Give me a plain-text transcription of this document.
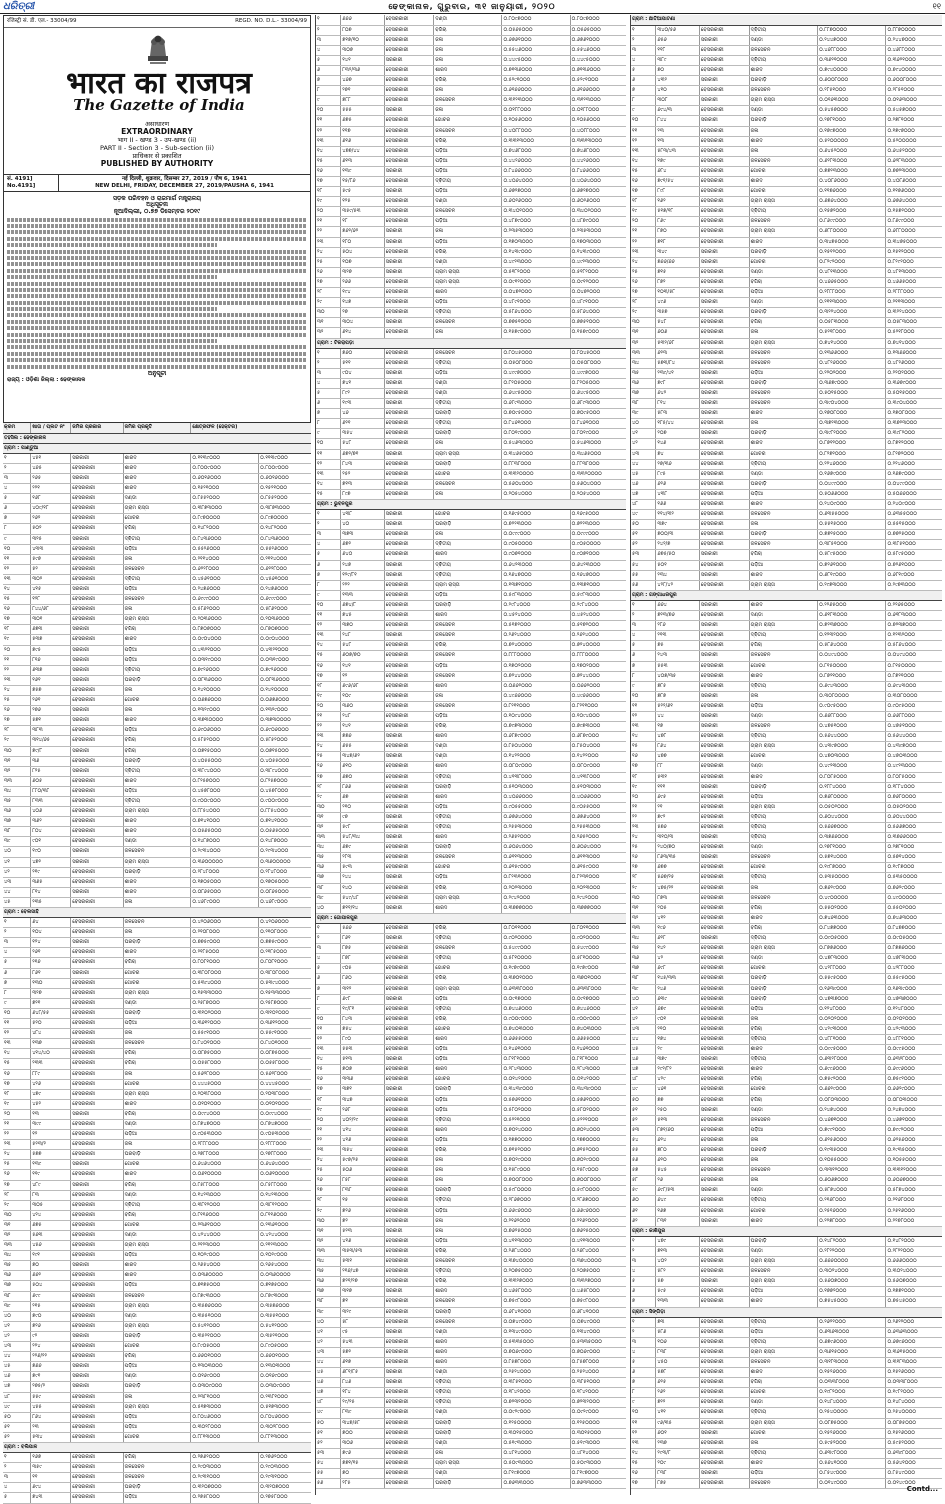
ଧରିତ୍ରୀ	ଢେଙ୍କାନାଳ, ଗୁରୁବାର, ୩୧ ଜାନୁୟାରୀ, ୨୦୨୦	୧୧
रजिस्ट्री सं. डी. एल.- 33004/99	REGD. NO. D.L.- 33004/99
भारत का राजपत्र
The Gazette of India
असाधारण
EXTRAORDINARY
भाग II - खण्ड 3 - उप-खण्ड (ii)
PART II - Section 3 - Sub-section (ii)
प्राधिकार से प्रकाशित
PUBLISHED BY AUTHORITY
सं. 4191]
No.4191]
नई दिल्ली, शुक्रवार, दिसम्बर 27, 2019 / पौष 6, 1941
NEW DELHI, FRIDAY, DECEMBER 27, 2019/PAUSHA 6, 1941
ସଡ଼କ ପରିବହନ ଓ ରାଜମାର୍ଗ ମନ୍ତ୍ରାଳୟ
ଅଧିସୂଚନା
ନୂଆଦିଲ୍ଲୀ, ୦.୭୭ ଡିସେମ୍ବର ୨୦୧୯
ଅନୁସୂଚୀ
ରାଜ୍ୟ : ଓଡ଼ିଶା ଜିଲ୍ଲା : ଢେଙ୍କାନାଳ
କ୍ରମ	ଖାତା / ପ୍ଲଟ ନଂ	ଜମିର ପ୍ରକାର	ଜମିର ପ୍ରକୃତି	କ୍ଷେତ୍ରଫଳ (ହେକ୍ଟର)	
ତହସିଲ : ଢେଙ୍କାନାଳ					
ଗ୍ରାମ : ପାଣ୍ଡୁଆ					
୧	୪୫୧	ସରକାରୀ	ଶାରଦ	୦.୧୧୩୯୦୦୦	୦.୧୧୩୯୦୦୦
୨	୪୬୫	ବେସରକାରୀ	ଶାରଦ	୦.୮୦୦୯୦୦୦	୦.୮୦୦୯୦୦୦
୩	୨୬୫	ସରକାରୀ	ଶାରଦ	୦.୬୦୧୬୦୦୦	୦.୬୦୧୬୦୦୦
୪	୨୨୧	ବେସରକାରୀ	ଶାରଦ	୦.୧୫୨୧୦୦୦	୦.୧୫୨୧୦୦୦
୫	୧୬୮	ବେସରକାରୀ	ଦଣ୍ଡା	୦.୮୫୫୨୦୦୦	୦.୮୫୫୨୦୦୦
୬	୪୦୯/୧୮	ବେସରକାରୀ	ଗ୍ରାମ ରାସ୍ତା	୦.୩୮୭୩୦୦୦	୦.୩୮୭୩୦୦୦
୭	୨୬୨	ବେସରକାରୀ	ଗୋଚର	୦.୮୯୭୦୦୦୦	୦.୮୯୭୦୦୦୦
୮	୫୦୨	ବେସରକାରୀ	ବଗିଚା	୦.୧୪୮୨୦୦୦	୦.୧୪୮୨୦୦୦
୯	୩୨୫	ସରକାରୀ	ଦ୍ଵିତୀୟ	୦.୮୪୩୬୦୦୦	୦.୮୪୩୬୦୦୦
୧୦	୪୩୩	ବେସରକାରୀ	ପଡ଼ିଆ	୦.୫୫୨୬୦୦୦	୦.୫୫୨୬୦୦୦
୧୧	୫୯୭	ବେସରକାରୀ	ଜଳା	୦.୨୧୧୪୦୦୦	୦.୨୧୧୪୦୦୦
୧୨	୫୨	ବେସରକାରୀ	ଜଳସେଚନ	୦.୬୨୨୮୦୦୦	୦.୬୨୨୮୦୦୦
୧୩	୩୦୨	ବେସରକାରୀ	ଦ୍ଵିତୀୟ	୦.୪୫୬୧୦୦୦	୦.୪୫୬୧୦୦୦
୧୪	୪୧୫	ସରକାରୀ	ପଡ଼ିଆ	୦.୨୪୭୬୦୦୦	୦.୨୪୭୬୦୦୦
୧୫	୧୨୮	ବେସରକାରୀ	ଜଳସେଚନ	୦.୬୯୯୯୦୦୦	୦.୬୯୯୯୦୦୦
୧୬	୮୪୪/୬୮	ବେସରକାରୀ	ଜଳା	୦.୫୮୬୨୦୦୦	୦.୫୮୬୨୦୦୦
୧୭	୩୦୧	ବେସରକାରୀ	ଗ୍ରାମ ରାସ୍ତା	୦.୨୦୩୬୦୦୦	୦.୨୦୩୬୦୦୦
୧୮	୬୭୩	ସରକାରୀ	ବଗିଚା	୦.୮୭୦୭୦୦୦	୦.୮୭୦୭୦୦୦
୧୯	୫୩୭	ବେସରକାରୀ	ଶାରଦ	୦.୦୯୦୪୦୦୦	୦.୦୯୦୪୦୦୦
୨୦	୭୯୫	ସରକାରୀ	ପଡ଼ିଆ	୦.୪୩୨୧୦୦୦	୦.୪୩୨୧୦୦୦
୨୧	୮୧୬	ସରକାରୀ	ପଡ଼ିଆ	୦.୦୩୧୯୦୦୦	୦.୦୩୧୯୦୦୦
୨୨	୬୩୭	ସରକାରୀ	ଦ୍ଵିତୀୟ	୦.୭୯୨୬୦୦୦	୦.୭୯୨୬୦୦୦
୨୩	୧୬୧	ସରକାରୀ	ଘରବାଡ଼ି	୦.୦୮୩୬୦୦୦	୦.୦୮୩୬୦୦୦
୨୪	୭୫୭	ବେସରକାରୀ	ଜଳା	୦.୧୪୧୦୦୦୦	୦.୧୪୧୦୦୦୦
୨୫	୨୬୧	ବେସରକାରୀ	ଗୋଚର	୦.୦୬୭୬୦୦୦	୦.୦୬୭୬୦୦୦
୨୬	୨୭୬	ସରକାରୀ	ଜଳା	୦.୧୩୨୯୦୦୦	୦.୧୩୨୯୦୦୦
୨୭	୫୭୧	ସରକାରୀ	ଶାରଦ	୦.୩୭୩୦୦୦୦	୦.୩୭୩୦୦୦୦
୨୮	୩୮୩	ବେସରକାରୀ	ପଡ଼ିଆ	୦.୬୯୦୬୦୦୦	୦.୬୯୦୬୦୦୦
୨୯	୩୧୪/୬୫	ବେସରକାରୀ	ବଗିଚା	୦.୫୮୫୨୦୦୦	୦.୫୮୫୨୦୦୦
୩୦	୭୯/୮	ସରକାରୀ	ବଗିଚା	୦.୦୭୧୫୦୦୦	୦.୦୭୧୫୦୦୦
୩୧	୩୬	ବେସରକାରୀ	ଘରବାଡ଼ି	୦.୪୦୫୫୦୦୦	୦.୪୦୫୫୦୦୦
୩୨	୮୨୫	ସରକାରୀ	ଦ୍ଵିତୀୟ	୦.୩୮୯୪୦୦୦	୦.୩୮୯୪୦୦୦
୩୩	୬୦୫	ବେସରକାରୀ	ଶାରଦ	୦.୮୨୫୭୦୦୦	୦.୮୨୫୭୦୦୦
୩୪	୮୮୦/୩୮	ବେସରକାରୀ	ପଡ଼ିଆ	୦.୪୫୭୮୦୦୦	୦.୪୫୭୮୦୦୦
୩୫	୮୩୩	ବେସରକାରୀ	ଦ୍ଵିତୀୟ	୦.୯୦୦୯୦୦୦	୦.୯୦୦୯୦୦୦
୩୬	୪୦୬	ବେସରକାରୀ	ଗ୍ରାମ ରାସ୍ତା	୦.୮୮୫୪୦୦୦	୦.୮୮୫୪୦୦୦
୩୭	୩୬୨	ବେସରକାରୀ	ଶାରଦ	୦.୭୧୪୧୦୦୦	୦.୭୧୪୧୦୦୦
୩୮	୮୦୪	ବେସରକାରୀ	ଶାରଦ	୦.୦୫୬୫୦୦୦	୦.୦୫୬୫୦୦୦
୩୯	୯୦୧	ବେସରକାରୀ	ଦଣ୍ଡା	୦.୧୪୮୭୦୦୦	୦.୧୪୮୭୦୦୦
୪୦	୧୯୦	ସରକାରୀ	ଜଳସେଚନ	୦.୨୯୩୪୦୦୦	୦.୨୯୩୪୦୦୦
୪୧	୪୭୨	ସରକାରୀ	ଗ୍ରାମ ରାସ୍ତା	୦.୩୬୦୦୦୦୦	୦.୩୬୦୦୦୦୦
୪୨	୨୧୯	ବେସରକାରୀ	ଘରବାଡ଼ି	୦.୨୮୪୮୦୦୦	୦.୨୮୪୮୦୦୦
୪୩	୩୬୫	ବେସରକାରୀ	ଶାରଦ	୦.୧୭୦୫୦୦୦	୦.୧୭୦୫୦୦୦
୪୪	୮୧୪	ସରକାରୀ	ଶାରଦ	୦.୦୮୬୫୦୦୦	୦.୦୮୬୫୦୦୦
୪୫	୨୩୫	ବେସରକାରୀ	ଜଳା	୦.୪୬୮୯୦୦୦	୦.୪୬୮୯୦୦୦
ଗ୍ରାମ : ବେଲସାହି					
୧	୬୪	ବେସରକାରୀ	ଜଳସେଚନ	୦.୪୨୦୬୦୦୦	୦.୪୨୦୬୦୦୦
୨	୧୦୪	ବେସରକାରୀ	ଜଳା	୦.୨୧୦୮୦୦୦	୦.୨୧୦୮୦୦୦
୩	୧୨୪	ସରକାରୀ	ଘରବାଡ଼ି	୦.୭୭୫୯୦୦୦	୦.୭୭୫୯୦୦୦
୪	୨୬୧	ବେସରକାରୀ	ଶାରଦ	୦.୨୧୮୫୦୦୦	୦.୨୧୮୫୦୦୦
୫	୨୧୬	ବେସରକାରୀ	ବଗିଚା	୦.୮୦୮୧୦୦୦	୦.୮୦୮୧୦୦୦
୬	୮୬୧	ସରକାରୀ	ଗୋଚର	୦.୩୮୦୮୦୦୦	୦.୩୮୦୮୦୦୦
୭	୧୩୦	ବେସରକାରୀ	ଗୋଚର	୦.୫୩୯୪୦୦୦	୦.୫୩୯୪୦୦୦
୮	୩୨୭	ବେସରକାରୀ	ଗ୍ରାମ ରାସ୍ତା	୦.୧୫୩୩୦୦୦	୦.୧୫୩୩୦୦୦
୯	୭୨୧	ବେସରକାରୀ	ଦଣ୍ଡା	୦.୨୫୮୭୦୦୦	୦.୨୫୮୭୦୦୦
୧୦	୬୪୮/୫୫	ବେସରକାରୀ	ଘରବାଡ଼ି	୦.୩୧୦୨୦୦୦	୦.୩୧୦୨୦୦୦
୧୧	୫୨୦	ବେସରକାରୀ	ପଡ଼ିଆ	୦.୩୬୧୨୦୦୦	୦.୩୬୧୨୦୦୦
୧୨	୪୮୪	ବେସରକାରୀ	ଜଳା	୦.୫୫୯୧୦୦୦	୦.୫୫୯୧୦୦୦
୧୩	୧୩୭	ବେସରକାରୀ	ଜଳସେଚନ	୦.୮୪୦୧୦୦୦	୦.୮୪୦୧୦୦୦
୧୪	୪୧୪/୪୦	ବେସରକାରୀ	ବଗିଚା	୦.୦୮୭୫୦୦୦	୦.୦୮୭୫୦୦୦
୧୫	୨୩୩	ବେସରକାରୀ	ବଗିଚା	୦.୦୫୫୮୦୦୦	୦.୦୫୫୮୦୦୦
୧୬	୮୮୯	ବେସରକାରୀ	ଜଳା	୦.୫୬୨୮୦୦୦	୦.୫୬୨୮୦୦୦
୧୭	୪୨୬	ବେସରକାରୀ	ଗୋଚର	୦.୪୪୪୫୦୦୦	୦.୪୪୪୫୦୦୦
୧୮	୪୭୯	ବେସରକାରୀ	ଗ୍ରାମ ରାସ୍ତା	୦.୨୦୩୮୦୦୦	୦.୨୦୩୮୦୦୦
୧୯	୪୫୨	ବେସରକାରୀ	ଶାରଦ	୦.୦୧୦୧୦୦୦	୦.୦୧୦୧୦୦୦
୨୦	୧୩	ସରକାରୀ	ବଗିଚା	୦.୦୯୯୪୦୦୦	୦.୦୯୯୪୦୦୦
୨୧	୩୯୯	ବେସରକାରୀ	ଦଣ୍ଡା	୦.୮୭୪୭୦୦୦	୦.୮୭୪୭୦୦୦
୨୨	୧୨	ବେସରକାରୀ	ପଡ଼ିଆ	୦.୯୦୫୩୦୦୦	୦.୯୦୫୩୦୦୦
୨୩	୫୨୩/୨	ବେସରକାରୀ	ଜଳା	୦.୨୮୮୮୦୦୦	୦.୨୮୮୮୦୦୦
୨୪	୫୭୭	ବେସରକାରୀ	ଘରବାଡ଼ି	୦.୨୭୮୮୦୦୦	୦.୨୭୮୮୦୦୦
୨୫	୧୩୯	ସରକାରୀ	ଗୋଚର	୦.୬୪୬୪୦୦୦	୦.୬୪୬୪୦୦୦
୨୬	୧୧୯	ବେସରକାରୀ	ଶାରଦ	୦.୦୬୧୦୦୦୦	୦.୦୬୧୦୦୦୦
୨୭	୪୮୯	ସରକାରୀ	ବଗିଚା	୦.୮୫୮୮୦୦୦	୦.୮୫୮୮୦୦୦
୨୮	୮୩	ବେସରକାରୀ	ଦଣ୍ଡା	୦.୧୪୨୩୦୦୦	୦.୧୪୨୩୦୦୦
୨୯	୩୦୫	ବେସରକାରୀ	ଦ୍ଵିତୀୟ	୦.୩୮୧୨୦୦୦	୦.୩୮୧୨୦୦୦
୩୦	୪୨୪	ବେସରକାରୀ	ବଗିଚା	୦.୮୧୧୬୦୦୦	୦.୮୧୧୬୦୦୦
୩୧	୬୭୫	ବେସରକାରୀ	ଗୋଚର	୦.୨୩୬୧୦୦୦	୦.୨୩୬୧୦୦୦
୩୨	୫୬୩	ବେସରକାରୀ	ଦଣ୍ଡା	୦.୪୨୪୪୦୦୦	୦.୪୨୪୪୦୦୦
୩୩	୪୫୬	ବେସରକାରୀ	ଗ୍ରାମ ରାସ୍ତା	୦.୨୧୨୩୦୦୦	୦.୨୧୨୩୦୦୦
୩୪	୧୯୧	ବେସରକାରୀ	ପଡ଼ିଆ	୦.୧୦୨୯୦୦୦	୦.୧୦୨୯୦୦୦
୩୫	୭୦	ସରକାରୀ	ଶାରଦ	୦.୨୬୫୪୦୦୦	୦.୨୬୫୪୦୦୦
୩୬	୬୬୨	ବେସରକାରୀ	ଶାରଦ	୦.୦୩୬୦୦୦୦	୦.୦୩୬୦୦୦୦
୩୭	୫୦୪	ବେସରକାରୀ	ପଡ଼ିଆ	୦.୭୧୭୫୦୦୦	୦.୭୧୭୫୦୦୦
୩୮	୬୯୯	ବେସରକାରୀ	ଜଳସେଚନ	୦.୮୭୯୩୦୦୦	୦.୮୭୯୩୦୦୦
୩୯	୨୧୫	ବେସରକାରୀ	ଗ୍ରାମ ରାସ୍ତା	୦.୩୫୭୬୦୦୦	୦.୩୫୭୬୦୦୦
୪୦	୭୯୦	ବେସରକାରୀ	ଦଣ୍ଡା	୦.୩୫୫୧୦୦୦	୦.୩୫୫୧୦୦୦
୪୧	୭୨୬	ବେସରକାରୀ	ଗ୍ରାମ ରାସ୍ତା	୦.୫୪୧୨୦୦୦	୦.୫୪୧୨୦୦୦
୪୨	୯୨	ସରକାରୀ	ଘରବାଡ଼ି	୦.୩୫୨୧୦୦୦	୦.୩୫୨୧୦୦୦
୪୩	୨୨୪	ବେସରକାରୀ	ଗୋଚର	୦.୮୯୦୫୦୦୦	୦.୮୯୦୫୦୦୦
୪୪	୨୨୬/୨୨	ବେସରକାରୀ	ବଗିଚା	୦.୬୬୦୧୦୦୦	୦.୬୬୦୧୦୦୦
୪୫	୭୬୬	ସରକାରୀ	ପଡ଼ିଆ	୦.୧୩୦୩୦୦୦	୦.୧୩୦୩୦୦୦
୪୬	୭୯୧	ସରକାରୀ	ଦଣ୍ଡା	୦.୦୧୬୯୦୦୦	୦.୦୧୬୯୦୦୦
୪୭	୨୭୫/୨	ସରକାରୀ	ଘରବାଡ଼ି	୦.୦୩୦୯୦୦୦	୦.୦୩୦୯୦୦୦
୪୮	୫୫୯	ବେସରକାରୀ	ଜଳା	୦.୨୩୮୧୦୦୦	୦.୨୩୮୧୦୦୦
୪୯	୪୫୫	ବେସରକାରୀ	ଗ୍ରାମ ରାସ୍ତା	୦.୫୧୭୩୦୦୦	୦.୫୧୭୩୦୦୦
୫୦	୮୬୪	ବେସରକାରୀ	ପଡ଼ିଆ	୦.୮୦୪୬୦୦୦	୦.୮୦୪୬୦୦୦
୫୧	୨୩	ବେସରକାରୀ	ପଡ଼ିଆ	୦.୩୦୨୮୦୦୦	୦.୩୦୨୮୦୦୦
୫୨	୫୩୪	ବେସରକାରୀ	ଗୋଚର	୦.୮୮୧୩୦୦୦	୦.୮୮୧୩୦୦୦
ଗ୍ରାମ : ବଲିପାଳ					
୧	୧୬୭	ବେସରକାରୀ	ବଗିଚା	୦.୨୭୬୨୦୦୦	୦.୨୭୬୨୦୦୦
୨	୩୫୯	ବେସରକାରୀ	ଜଳସେଚନ	୦.୨୯୦୩୦୦୦	୦.୨୯୦୩୦୦୦
୩	୧୧	ବେସରକାରୀ	ଜଳସେଚନ	୦.୨୯୩୧୦୦୦	୦.୨୯୩୧୦୦୦
୪	୬୯୪	ବେସରକାରୀ	ଘରବାଡ଼ି	୦.୩୨୦୭୦୦୦	୦.୩୨୦୭୦୦୦
୫	୭୪୩	ବେସରକାରୀ	ପଡ଼ିଆ	୦.୨୭୫୮୦୦୦	୦.୨୭୫୮୦୦୦
୧	୬୬୬	ବେସରକାରୀ	ଦଣ୍ଡା	୦.୮୦୯୭୦୦୦	୦.୮୦୯୭୦୦୦
୨	୮୦୭	ବେସରକାରୀ	ବଗିଚା	୦.୦୫୬୫୦୦୦	୦.୦୫୬୫୦୦୦
୩	୭୧୭/୧୦	ବେସରକାରୀ	ଜଳା	୦.୬୭୬୧୦୦୦	୦.୬୭୬୧୦୦୦
୪	୩୦୭	ବେସରକାରୀ	ଜଳା	୦.୫୫୪୬୦୦୦	୦.୫୫୪୬୦୦୦
୫	୧୪୧	ସରକାରୀ	ଜଳା	୦.୪୪୯୫୦୦୦	୦.୪୪୯୫୦୦୦
୬	୮୩୨/୩୬	ବେସରକାରୀ	ଶାରଦ	୦.୭୧୩୬୦୦୦	୦.୭୧୩୬୦୦୦
୭	୪୬୭	ବେସରକାରୀ	ବଗିଚା	୦.୫୨୯୧୦୦୦	୦.୫୨୯୧୦୦୦
୮	୨୭୧	ବେସରକାରୀ	ଜଳା	୦.୬୧୬୬୦୦୦	୦.୬୧୬୬୦୦୦
୯	୭୮୮	ବେସରକାରୀ	ଜଳସେଚନ	୦.୩୧୨୩୦୦୦	୦.୩୧୨୩୦୦୦
୧୦	୫୫୫	ସରକାରୀ	ଜଳା	୦.୦୧୮୮୦୦୦	୦.୦୧୮୮୦୦୦
୧୧	୬୭୫	ବେସରକାରୀ	ଗୋଚର	୦.୧୦୫୬୦୦୦	୦.୧୦୫୬୦୦୦
୧୨	୧୧୭	ବେସରକାରୀ	ଜଳସେଚନ	୦.୪୦୮୮୦୦୦	୦.୪୦୮୮୦୦୦
୧୩	୬୧୬	ବେସରକାରୀ	ବଗିଚା	୦.୩୩୧୩୦୦୦	୦.୩୩୧୩୦୦୦
୧୪	୪୭୭/୪୪	ବେସରକାରୀ	ପଡ଼ିଆ	୦.୭୪୬୮୦୦୦	୦.୭୪୬୮୦୦୦
୧୫	୬୧୩	ବେସରକାରୀ	ପଡ଼ିଆ	୦.୪୪୨୬୦୦୦	୦.୪୪୨୬୦୦୦
୧୬	୧୩୯	ସରକାରୀ	ପଡ଼ିଆ	୦.୮୪୬୬୦୦୦	୦.୮୪୬୬୦୦୦
୧୭	୧୫/୮୬	ବେସରକାରୀ	ଦ୍ଵିତୀୟ	୦.୪୦୬୪୦୦୦	୦.୪୦୬୪୦୦୦
୧୮	୫୯୫	ସରକାରୀ	ପଡ଼ିଆ	୦.୬୭୨୭୦୦୦	୦.୬୭୨୭୦୦୦
୧୯	୧୨୫	ବେସରକାରୀ	ଦଣ୍ଡା	୦.୬୦୨୬୦୦୦	୦.୬୦୨୬୦୦୦
୨୦	୩୫୯/୫୩	ବେସରକାରୀ	ଜଳସେଚନ	୦.୩୪୦୨୦୦୦	୦.୩୪୦୨୦୦୦
୨୧	୧୮	ବେସରକାରୀ	ପଡ଼ିଆ	୦.୪୮୭୯୦୦୦	୦.୪୮୭୯୦୦୦
୨୨	୭୬୨/୬୨	ସରକାରୀ	ଜଳା	୦.୨୩୫୩୦୦୦	୦.୨୩୫୩୦୦୦
୨୩	୧୮୦	ସରକାରୀ	ପଡ଼ିଆ	୦.୧୭୦୩୦୦୦	୦.୧୭୦୩୦୦୦
୨୪	୫୦୪	ବେସରକାରୀ	ବଗିଚା	୦.୧୪୩୯୦୦୦	୦.୧୪୩୯୦୦୦
୨୫	୧୦୭	ସରକାରୀ	ଦଣ୍ଡା	୦.୪୯୨୩୦୦୦	୦.୪୯୨୩୦୦୦
୨୬	୩୨୭	ସରକାରୀ	ଗ୍ରାମ ରାସ୍ତା	୦.୫୧୮୨୦୦୦	୦.୫୧୮୨୦୦୦
୨୭	୨୬୬	ବେସରକାରୀ	ଗ୍ରାମ ରାସ୍ତା	୦.୦୯୧୨୦୦୦	୦.୦୯୧୨୦୦୦
୨୮	୧୯୪	ବେସରକାରୀ	ଶାରଦ	୦.୦୪୭୨୦୦୦	୦.୦୪୭୨୦୦୦
୨୯	୧୪୭	ବେସରକାରୀ	ପଡ଼ିଆ	୦.୪୮୯୧୦୦୦	୦.୪୮୯୧୦୦୦
୩୦	୨୭	ବେସରକାରୀ	ଦ୍ଵିତୀୟ	୦.୫୮୬୪୦୦୦	୦.୫୮୬୪୦୦୦
୩୧	୩୦୪	ସରକାରୀ	ଜଳସେଚନ	୦.୭୭୫୧୦୦୦	୦.୭୭୫୧୦୦୦
୩୨	୬୧୪	ବେସରକାରୀ	ଜଳା	୦.୧୫୭୯୦୦୦	୦.୧୫୭୯୦୦୦
ଗ୍ରାମ : ଟିକରାପଡ଼ା					
୧	୭୬୦	ବେସରକାରୀ	ଜଳସେଚନ	୦.୮୦୪୫୦୦୦	୦.୮୦୪୫୦୦୦
୨	୫୧୧	ବେସରକାରୀ	ଦ୍ଵିତୀୟ	୦.୦୫୦୮୦୦୦	୦.୦୫୦୮୦୦୦
୩	୯୦୪	ସରକାରୀ	ପଡ଼ିଆ	୦.୪୯୯୭୦୦୦	୦.୪୯୯୭୦୦୦
୪	୭୪୧	ସରକାରୀ	ଦଣ୍ଡା	୦.୮୨୦୫୦୦୦	୦.୮୨୦୫୦୦୦
୫	୮୯୨	ବେସରକାରୀ	ଦଣ୍ଡା	୦.୬୪୯୫୦୦୦	୦.୬୪୯୫୦୦୦
୬	୧୯୩	ସରକାରୀ	ଦ୍ଵିତୀୟ	୦.୬୮୯୩୦୦୦	୦.୬୮୯୩୦୦୦
୭	୪୬	ବେସରକାରୀ	ଘରବାଡ଼ି	୦.୭୦୯୫୦୦୦	୦.୭୦୯୫୦୦୦
୮	୬୨୧	ବେସରକାରୀ	ଦ୍ଵିତୀୟ	୦.୮୪୬୧୦୦୦	୦.୮୪୬୧୦୦୦
୯	୩୫୪	ବେସରକାରୀ	ଘରବାଡ଼ି	୦.୮୦୧୯୦୦୦	୦.୮୦୧୯୦୦୦
୧୦	୫୪୮	ବେସରକାରୀ	ଜଳା	୦.୫୪୬୩୦୦୦	୦.୫୪୬୩୦୦୦
୧୧	୬୭୨/୭୧	ସରକାରୀ	ଗ୍ରାମ ରାସ୍ତା	୦.୩୪୬୫୦୦୦	୦.୩୪୬୫୦୦୦
୧୨	୮୪୩	ବେସରକାରୀ	ଘରବାଡ଼ି	୦.୮୮୩୮୦୦୦	୦.୮୮୩୮୦୦୦
୧୩	୨୫୨	ବେସରକାରୀ	ଗୋଚର	୦.୩୩୨୦୦୦୦	୦.୩୩୨୦୦୦୦
୧୪	୭୧୩	ବେସରକାରୀ	ଜଳସେଚନ	୦.୫୬୦୪୦୦୦	୦.୫୬୦୪୦୦୦
୧୫	୮୯୭	ବେସରକାରୀ	ଜଳା	୦.୨୦୫୪୦୦୦	୦.୨୦୫୪୦୦୦
ଗ୍ରାମ : ଭୁବନପୁର					
୧	୪୩୮	ସରକାରୀ	ଗୋଚର	୦.୧୬୯୫୦୦୦	୦.୧୬୯୫୦୦୦
୨	୪୦	ସରକାରୀ	ଘରବାଡ଼ି	୦.୭୨୨୩୦୦୦	୦.୭୨୨୩୦୦୦
୩	୩୭୩	ବେସରକାରୀ	ଜଳା	୦.୦୯୯୯୦୦୦	୦.୦୯୯୯୦୦୦
୪	୬୭୨	ବେସରକାରୀ	ଦ୍ଵିତୀୟ	୦.୯୦୫୦୦୦୦	୦.୯୦୫୦୦୦୦
୫	୬୪୦	ବେସରକାରୀ	ଶାରଦ	୦.୯୦୭୧୦୦୦	୦.୯୦୭୧୦୦୦
୬	୨୪୭	ସରକାରୀ	ଦ୍ଵିତୀୟ	୦.୬୪୨୩୦୦୦	୦.୬୪୨୩୦୦୦
୭	୧୨୯/୮୧	ସରକାରୀ	ଦ୍ଵିତୀୟ	୦.୧୬୪୭୦୦୦	୦.୧୬୪୭୦୦୦
୮	୨୨୨	ବେସରକାରୀ	ଗ୍ରାମ ରାସ୍ତା	୦.୧୩୭୧୦୦୦	୦.୧୩୭୧୦୦୦
୯	୧୩୩	ବେସରକାରୀ	ପଡ଼ିଆ	୦.୫୯୮୩୦୦୦	୦.୫୯୮୩୦୦୦
୧୦	୬୭୪/୮	ବେସରକାରୀ	ଘରବାଡ଼ି	୦.୨୯୮୪୦୦୦	୦.୨୯୮୪୦୦୦
୧୧	୭୪୫	ବେସରକାରୀ	ଶାରଦ	୦.୪୫୨୪୦୦୦	୦.୪୫୨୪୦୦୦
୧୨	୩୭୦	ବେସରକାରୀ	ଜଳସେଚନ	୦.୫୧୭୨୦୦୦	୦.୫୧୭୨୦୦୦
୧୩	୨୪୮	ସରକାରୀ	ଜଳସେଚନ	୦.୨୬୨୪୦୦୦	୦.୨୬୨୪୦୦୦
୧୪	୫୪୮	ବେସରକାରୀ	ବଗିଚା	୦.୭୨୪୦୦୦୦	୦.୭୨୪୦୦୦୦
୧୫	୬୦୭/୭୦	ବେସରକାରୀ	ଜଳସେଚନ	୦.୮୮୮୦୦୦୦	୦.୮୮୮୦୦୦୦
୧୬	୧୪୧	ବେସରକାରୀ	ପଡ଼ିଆ	୦.୧୭୦୨୦୦୦	୦.୧୭୦୨୦୦୦
୧୭	୧୨	ବେସରକାରୀ	ଜଳସେଚନ	୦.୭୨୪୪୦୦୦	୦.୭୨୪୪୦୦୦
୧୮	୬୯୬/୬୮	ବେସରକାରୀ	ଶାରଦ	୦.୦୬୬୨୦୦୦	୦.୦୬୬୨୦୦୦
୧୯	୧୦୯	ବେସରକାରୀ	ଜଳା	୦.୪୯୬୬୦୦୦	୦.୪୯୬୬୦୦୦
୨୦	୩୬୦	ବେସରକାରୀ	ଜଳସେଚନ	୦.୮୨୧୧୦୦୦	୦.୮୨୧୧୦୦୦
୨୧	୨୪୮	ବେସରକାରୀ	ପଡ଼ିଆ	୦.୧୦୯୪୦୦୦	୦.୧୦୯୪୦୦୦
୨୨	୧୪୧	ବେସରକାରୀ	ବଗିଚା	୦.୭୯୭୩୦୦୦	୦.୭୯୭୩୦୦୦
୨୩	୭୭୬	ସରକାରୀ	ଶାରଦ	୦.୬୮୭୯୦୦୦	୦.୬୮୭୯୦୦୦
୨୪	୬୫୫	ବେସରକାରୀ	ଦଣ୍ଡା	୦.୮୫୦୪୦୦୦	୦.୮୫୦୪୦୦୦
୨୫	୩୪୭/୬୨	ସରକାରୀ	ଦଣ୍ଡା	୦.୧୪୨୨୦୦୦	୦.୧୪୨୨୦୦୦
୨୬	୬୧୦	ବେସରକାରୀ	ଶାରଦ	୦.୦୮୦୯୦୦୦	୦.୦୮୦୯୦୦୦
୨୭	୬୭୦	ବେସରକାରୀ	ଦ୍ଵିତୀୟ	୦.୪୧୩୮୦୦୦	୦.୪୧୩୮୦୦୦
୨୮	୮୬୬	ବେସରକାରୀ	ଘରବାଡ଼ି	୦.୫୧୦୩୦୦୦	୦.୫୧୦୩୦୦୦
୨୯	୬୭	ବେସରକାରୀ	ଶାରଦ	୦.୪୦୬୬୦୦୦	୦.୪୦୬୬୦୦୦
୩୦	୨୧୦	ବେସରକାରୀ	ପଡ଼ିଆ	୦.୯୦୫୫୦୦୦	୦.୯୦୫୫୦୦୦
୩୧	୯୭	ସରକାରୀ	ଦ୍ଵିତୀୟ	୦.୬୭୬୪୦୦୦	୦.୬୭୬୪୦୦୦
୩୨	୫୯୮	ବେସରକାରୀ	ଦ୍ଵିତୀୟ	୦.୨୫୫୩୦୦୦	୦.୨୫୫୩୦୦୦
୩୩	୫୪୮/୩୪	ସରକାରୀ	ଶାରଦ	୦.୨୬୫୨୦୦୦	୦.୨୬୫୨୦୦୦
୩୪	୬୭୯	ବେସରକାରୀ	ଘରବାଡ଼ି	୦.୬୦୬୪୦୦୦	୦.୬୦୬୪୦୦୦
୩୫	୨୮୩	ବେସରକାରୀ	ଜଳସେଚନ	୦.୬୧୧୩୦୦୦	୦.୬୧୧୩୦୦୦
୩୬	୫୯୩	ବେସରକାରୀ	ଗୋଚର	୦.୬୧୫୯୦୦୦	୦.୬୧୫୯୦୦୦
୩୭	୨୪୪	ସରକାରୀ	ପଡ଼ିଆ	୦.୮୨୩୧୦୦୦	୦.୮୨୩୧୦୦୦
୩୮	୧୪୦	ବେସରକାରୀ	ବଗିଚା	୦.୨୦୨୩୦୦୦	୦.୨୦୨୩୦୦୦
୩୯	୫୪୯/୪୮	ବେସରକାରୀ	ଗ୍ରାମ ରାସ୍ତା	୦.୨୯୪୨୦୦୦	୦.୨୯୪୨୦୦୦
୪୦	୭୧୧/୧୪	ସରକାରୀ	ଶାରଦ	୦.୩୭୭୭୦୦୦	୦.୩୭୭୭୦୦୦
ଗ୍ରାମ : ଗୋପାଳପୁର					
୧	୫୬୬	ବେସରକାରୀ	ବଗିଚା	୦.୮୦୧୧୦୦୦	୦.୮୦୧୧୦୦୦
୨	୮୬୧	ସରକାରୀ	ଦ୍ଵିତୀୟ	୦.୯୦୨୦୦୦୦	୦.୯୦୨୦୦୦୦
୩	୮୭୫	ବେସରକାରୀ	ଜଳସେଚନ	୦.୫୪୯୯୦୦୦	୦.୫୪୯୯୦୦୦
୪	୮୭୮	ବେସରକାରୀ	ଦ୍ଵିତୀୟ	୦.୫୮୧୦୦୦୦	୦.୫୮୧୦୦୦୦
୫	୯୦୫	ବେସରକାରୀ	ଗୋଚର	୦.୧୯୭୯୦୦୦	୦.୧୯୭୯୦୦୦
୬	୮୬୦	ବେସରକାରୀ	ବଗିଚା	୦.୩୭୦୧୦୦୦	୦.୩୭୦୧୦୦୦
୭	୩୧୨	ବେସରକାରୀ	ଗ୍ରାମ ରାସ୍ତା	୦.୬୩୩୮୦୦୦	୦.୬୩୩୮୦୦୦
୮	୬୯୮	ସରକାରୀ	ପଡ଼ିଆ	୦.୦୯୧୭୦୦୦	୦.୦୯୧୭୦୦୦
୯	୧୯/୮୧	ବେସରକାରୀ	ଦ୍ଵିତୀୟ	୦.୭୪୪୬୦୦୦	୦.୭୪୪୬୦୦୦
୧୦	୮୪୩	ବେସରକାରୀ	ବଗିଚା	୦.୯୦୦୯୦୦୦	୦.୯୦୦୯୦୦୦
୧୧	୭୫୪	ବେସରକାରୀ	ଗୋଚର	୦.୭୪୦୩୦୦୦	୦.୭୪୦୩୦୦୦
୧୨	୮୯୦	ବେସରକାରୀ	ଶାରଦ	୦.୬୬୫୫୦୦୦	୦.୬୬୫୫୦୦୦
୧୩	୫୫୩	ବେସରକାରୀ	ପଡ଼ିଆ	୦.୧୪୬୧୦୦୦	୦.୧୪୬୧୦୦୦
୧୪	୫୧୩	ସରକାରୀ	ପଡ଼ିଆ	୦.୮୧୮୧୦୦୦	୦.୮୧୮୧୦୦୦
୧୫	୭୦୭	ବେସରକାରୀ	ଶାରଦ	୦.୨୮୪୩୦୦୦	୦.୨୮୪୩୦୦୦
୧୬	୩୩୬	ବେସରକାରୀ	ଗୋଚର	୦.୦୧୪୨୦୦୦	୦.୦୧୪୨୦୦୦
୧୭	୩୭୧	ସରକାରୀ	ଘରବାଡ଼ି	୦.୩୪୩୯୦୦୦	୦.୩୪୩୯୦୦୦
୧୮	୩୪୭	ବେସରକାରୀ	ପଡ଼ିଆ	୦.୫୭୬୧୦୦୦	୦.୫୭୬୧୦୦୦
୧୯	୨୬୮	ବେସରକାରୀ	ପଡ଼ିଆ	୦.୫୮୦୨୦୦୦	୦.୫୮୦୨୦୦୦
୨୦	୪୦୨/୨୯	ବେସରକାରୀ	ଦ୍ଵିତୀୟ	୦.୫୨୨୧୦୦୦	୦.୫୨୨୧୦୦୦
୨୧	୪୧୪	ବେସରକାରୀ	ଶାରଦ	୦.୭୦୨୪୦୦୦	୦.୭୦୨୪୦୦୦
୨୨	୪୧୬	ବେସରକାରୀ	ପଡ଼ିଆ	୦.୧୭୭୦୦୦୦	୦.୧୭୭୦୦୦୦
୨୩	୩୫୪	ବେସରକାରୀ	ବଗିଚା	୦.୭୧୫୨୦୦୦	୦.୭୧୫୨୦୦୦
୨୪	୫୯୭/୨୫	ବେସରକାରୀ	ଜଳା	୦.୭୦୨୯୦୦୦	୦.୭୦୨୯୦୦୦
୨୫	୫୦୬	ବେସରକାରୀ	ଜଳା	୦.୧୫୮୯୦୦୦	୦.୧୫୮୯୦୦୦
୨୬	୮୫୮	ବେସରକାରୀ	ଜଳା	୦.୭୦୦୮୦୦୦	୦.୭୦୦୮୦୦୦
୨୭	୮୩୮	ବେସରକାରୀ	ଘରବାଡ଼ି	୦.୫୯୮୦୦୦୦	୦.୫୯୮୦୦୦୦
୨୮	୧୫	ବେସରକାରୀ	ଦ୍ଵିତୀୟ	୦.୨୮୬୭୦୦୦	୦.୨୮୬୭୦୦୦
୨୯	୭୨୬	ବେସରକାରୀ	ପଡ଼ିଆ	୦.୬୬୯୬୦୦୦	୦.୬୬୯୬୦୦୦
୩୦	୭୨	ବେସରକାରୀ	ଜଳା	୦.୨୧୬୨୦୦୦	୦.୨୧୬୨୦୦୦
୩୧	୫୨୩	ସରକାରୀ	ଜଳା	୦.୭୬୨୫୦୦୦	୦.୭୬୨୫୦୦୦
୩୨	୪୧୬	ବେସରକାରୀ	ପଡ଼ିଆ	୦.୪୧୧୩୦୦୦	୦.୪୧୧୩୦୦୦
୩୩	୩୫୩/୫୩	ବେସରକାରୀ	ବଗିଚା	୦.୨୬୮୪୦୦୦	୦.୨୬୮୪୦୦୦
୩୪	୫୩୧	ବେସରକାରୀ	ଜଳସେଚନ	୦.୩୭୪୦୦୦୦	୦.୩୭୪୦୦୦୦
୩୫	୨୧୬/୪୭	ବେସରକାରୀ	ଦ୍ଵିତୀୟ	୦.୨୦୭୫୦୦୦	୦.୨୦୭୫୦୦୦
୩୬	୭୨୧/୨୭	ବେସରକାରୀ	ବଗିଚା	୦.୩୩୨୭୦୦୦	୦.୩୩୨୭୦୦୦
୩୭	୩୧୭	ସରକାରୀ	ଶାରଦ	୦.୪୬୫୮୦୦୦	୦.୪୬୫୮୦୦୦
୩୮	୭୧	ବେସରକାରୀ	ଜଳସେଚନ	୦.୭୫୯୮୦୦୦	୦.୭୫୯୮୦୦୦
୩୯	୩୨୯	ବେସରକାରୀ	ଘରବାଡ଼ି	୦.୬୮୪୧୦୦୦	୦.୬୮୪୧୦୦୦
୪୦	୫୮	ବେସରକାରୀ	ଜଳସେଚନ	୦.୦୭୪୯୦୦୦	୦.୦୭୪୯୦୦୦
୪୧	୯୫	ସରକାରୀ	ଦଣ୍ଡା	୦.୧୩୪୯୦୦୦	୦.୧୩୪୯୦୦୦
୪୨	୫୪୩	ବେସରକାରୀ	ଶାରଦ	୦.୫୩୩୫୦୦୦	୦.୫୩୩୫୦୦୦
୪୩	୫୭୨	ବେସରକାରୀ	ଶାରଦ	୦.୭୦୬୯୦୦୦	୦.୭୦୬୯୦୦୦
୪୪	୬୧୭	ବେସରକାରୀ	ଶାରଦ	୦.୮୫୭୮୦୦୦	୦.୮୫୭୮୦୦୦
୪୫	୬୮୧/୮୫	ସରକାରୀ	ଦଣ୍ଡା	୦.୨୫୨୪୦୦୦	୦.୨୫୨୪୦୦୦
୪୬	୮୪୬	ସରକାରୀ	ଦ୍ଵିତୀୟ	୦.୩୮୫୧୦୦୦	୦.୩୮୫୧୦୦୦
୪୭	୧୮୪	ବେସରକାରୀ	ଦ୍ଵିତୀୟ	୦.୧୮୪୨୦୦୦	୦.୧୮୪୨୦୦୦
୪୮	୨୯/୨୫	ବେସରକାରୀ	ଦ୍ଵିତୀୟ	୦.୭୨୩୨୦୦୦	୦.୭୨୩୨୦୦୦
୪୯	୮୩୯	ବେସରକାରୀ	ଦଣ୍ଡା	୦.୦୯୨୯୦୦୦	୦.୦୯୨୯୦୦୦
୫୦	୩୪୭/୫୮	ବେସରକାରୀ	ଘରବାଡ଼ି	୦.୧୨୫୦୦୦୦	୦.୧୨୫୦୦୦୦
୫୧	୭୦୦	ବେସରକାରୀ	ଘରବାଡ଼ି	୦.୩୦୧୫୦୦୦	୦.୩୦୧୫୦୦୦
୫୨	୩୦୬	ବେସରକାରୀ	ଦଣ୍ଡା	୦.୫୧୯୩୦୦୦	୦.୫୧୯୩୦୦୦
୫୩	୭୯୬	ବେସରକାରୀ	ଜଳା	୦.୪୮୧୪୦୦୦	୦.୪୮୧୪୦୦୦
୫୪	୭୭୧/୧୫	ବେସରକାରୀ	ଗ୍ରାମ ରାସ୍ତା	୦.୫୦୯୩୦୦୦	୦.୫୦୯୩୦୦୦
୫୫	୭୦	ବେସରକାରୀ	ଦଣ୍ଡା	୦.୮୧୯୭୦୦୦	୦.୮୧୯୭୦୦୦
୫୬	୨୮୫	ବେସରକାରୀ	ଘରବାଡ଼ି	୦.୭୬୩୩୦୦୦	୦.୭୬୩୩୦୦୦
ଗ୍ରାମ : ଛାତିଆପାଟଣା					
୧	୩୪୦/୫୬	ବେସରକାରୀ	ଦ୍ଵିତୀୟ	୦.୮୮୭୦୦୦୦	୦.୮୮୭୦୦୦୦
୨	୬୫୬	ସରକାରୀ	ଦଣ୍ଡା	୦.୨୪୪୭୦୦୦	୦.୨୪୪୭୦୦୦
୩	୧୧୮	ବେସରକାରୀ	ଜଳସେଚନ	୦.୪୬୮୮୦୦୦	୦.୪୬୮୮୦୦୦
୪	୩୮୯	ବେସରକାରୀ	ଦ୍ଵିତୀୟ	୦.୩୬୨୧୦୦୦	୦.୩୬୨୧୦୦୦
୫	୭୦	ବେସରକାରୀ	ଶାରଦ	୦.୭୯୪୦୦୦୦	୦.୭୯୪୦୦୦୦
୬	୪୩୨	ସରକାରୀ	ଘରବାଡ଼ି	୦.୬୦୦୮୦୦୦	୦.୬୦୦୮୦୦୦
୭	୪୧୦	ବେସରକାରୀ	ଜଳସେଚନ	୦.୨୮୫୧୦୦୦	୦.୨୮୫୧୦୦୦
୮	୩୦୮	ସରକାରୀ	ଗ୍ରାମ ରାସ୍ତା	୦.୦୧୬୩୦୦୦	୦.୦୧୬୩୦୦୦
୯	୬୯୪/୩	ବେସରକାରୀ	ଦଣ୍ଡା	୦.୫୪୫୭୦୦୦	୦.୫୪୫୭୦୦୦
୧୦	୮୪୪	ସରକାରୀ	ଘରବାଡ଼ି	୦.୨୭୮୧୦୦୦	୦.୨୭୮୧୦୦୦
୧୧	୨୩	ବେସରକାରୀ	ଜଳା	୦.୧୭୯୭୦୦୦	୦.୧୭୯୭୦୦୦
୧୨	୧୩	ବେସରକାରୀ	ଶାରଦ	୦.୫୨୦୦୦୦୦	୦.୫୨୦୦୦୦୦
୧୩	୫୮୩/୪୩	ବେସରକାରୀ	ଜଳା	୦.୬୪୫୨୦୦୦	୦.୬୪୫୨୦୦୦
୧୪	୧୭୯	ବେସରକାରୀ	ଜଳସେଚନ	୦.୬୨୮୩୦୦୦	୦.୬୨୮୩୦୦୦
୧୫	୬୮୪	ବେସରକାରୀ	ଗୋଚର	୦.୭୭୨୩୦୦୦	୦.୭୭୨୩୦୦୦
୧୬	୭୯୧/୫୪	ବେସରକାରୀ	ଶାରଦ	୦.୪୦୮୬୦୦୦	୦.୪୦୮୬୦୦୦
୧୭	୮୯୮	ବେସରକାରୀ	ଗୋଚର	୦.୧୧୭୬୦୦୦	୦.୧୧୭୬୦୦୦
୧୮	୧୬୨	ବେସରକାରୀ	ଗ୍ରାମ ରାସ୍ତା	୦.୬୭୬୪୦୦୦	୦.୬୭୬୪୦୦୦
୧୯	୫୧୭/୧୮	ବେସରକାରୀ	ଦ୍ଵିତୀୟ	୦.୧୫୭୨୦୦୦	୦.୧୫୭୨୦୦୦
୨୦	୮୬୯	ବେସରକାରୀ	ଜଳସେଚନ	୦.୮୬୯୯୦୦୦	୦.୮୬୯୯୦୦୦
୨୧	୮୭୦	ବେସରକାରୀ	ଗ୍ରାମ ରାସ୍ତା	୦.୬୮୮୦୦୦୦	୦.୬୮୮୦୦୦୦
୨୨	୭୧୮	ବେସରକାରୀ	ଶାରଦ	୦.୩୪୭୫୦୦୦	୦.୩୪୭୫୦୦୦
୨୩	୩୪୯	ସରକାରୀ	ଘରବାଡ଼ି	୦.୧୫୧୨୦୦୦	୦.୧୫୧୨୦୦୦
୨୪	୭୬୬/୬୬	ସରକାରୀ	ଗୋଚର	୦.୮୨୯୨୦୦୦	୦.୮୨୯୨୦୦୦
୨୫	୭୧୫	ବେସରକାରୀ	ଦଣ୍ଡା	୦.୪୮୧୩୦୦୦	୦.୪୮୧୩୦୦୦
୨୬	୮୭୨	ବେସରକାରୀ	ବଗିଚା	୦.୪୬୬୫୦୦୦	୦.୪୬୬୫୦୦୦
୨୭	୧୦୩/୫୮	ବେସରକାରୀ	ପଡ଼ିଆ	୦.୨୮୮୮୦୦୦	୦.୨୮୮୮୦୦୦
୨୮	୪୯୬	ସରକାରୀ	ଦଣ୍ଡା	୦.୨୧୧୩୦୦୦	୦.୨୧୧୩୦୦୦
୨୯	୩୫୭	ବେସରକାରୀ	ଘରବାଡ଼ି	୦.୩୨୨୪୦୦୦	୦.୩୨୨୪୦୦୦
୩୦	୫୪୮	ବେସରକାରୀ	ବଗିଚା	୦.୦୫୮୩୦୦୦	୦.୦୫୮୩୦୦୦
୩୧	୬୦୬	ବେସରକାରୀ	ଜଳା	୦.୫୨୧୮୦୦୦	୦.୫୨୧୮୦୦୦
୩୨	୫୩୨/୬୮	ବେସରକାରୀ	ଗ୍ରାମ ରାସ୍ତା	୦.୭୪୧୪୦୦୦	୦.୭୪୧୪୦୦୦
୩୩	୬୨୩	ବେସରକାରୀ	ଜଳସେଚନ	୦.୧୩୬୬୦୦୦	୦.୧୩୬୬୦୦୦
୩୪	୫୭୩/୮୪	ବେସରକାରୀ	ଜଳସେଚନ	୦.୪୮୨୬୦୦୦	୦.୪୮୨୬୦୦୦
୩୫	୨୩୯/୪୧	ସରକାରୀ	ପଡ଼ିଆ	୦.୨୨୦୨୦୦୦	୦.୨୨୦୨୦୦୦
୩୬	୭୯୮	ବେସରକାରୀ	ଘରବାଡ଼ି	୦.୩୬୭୯୦୦୦	୦.୩୬୭୯୦୦୦
୩୭	୬୪୨	ସରକାରୀ	ଜଳସେଚନ	୦.୫୦୧୫୦୦୦	୦.୫୦୧୫୦୦୦
୩୮	୮୧୪	ସରକାରୀ	ଜଳସେଚନ	୦.୩୯୦୪୦୦୦	୦.୩୯୦୪୦୦୦
୩୯	୫୮୩	ସରକାରୀ	ଶାରଦ	୦.୧୭୦୮୦୦୦	୦.୧୭୦୮୦୦୦
୪୦	୧୮୫/୪୪	ବେସରକାରୀ	ଜଳା	୦.୩୭୨୩୦୦୦	୦.୩୭୨୩୦୦୦
୪୧	୨୦୭	ସରକାରୀ	ଘରବାଡ଼ି	୦.୩୯୮୨୦୦୦	୦.୩୯୮୨୦୦୦
୪୨	୧୪୬	ବେସରକାରୀ	ଶାରଦ	୦.୮୭୧୨୦୦୦	୦.୮୭୧୨୦୦୦
୪୩	୭୪	ବେସରକାରୀ	ଗୋଚର	୦.୮୨୭୨୦୦୦	୦.୮୨୭୨୦୦୦
୪୪	୨୭/୩୬	ବେସରକାରୀ	ଦ୍ଵିତୀୟ	୦.୨୨୪୬୦୦୦	୦.୨୨୪୬୦୦୦
୪୫	୮୯୫	ବେସରକାରୀ	ଦଣ୍ଡା	୦.୧୬୭୯୦୦୦	୦.୧୬୭୯୦୦୦
୪୬	୬୨୬	ବେସରକାରୀ	ଘରବାଡ଼ି	୦.୦୪୯୯୦୦୦	୦.୦୪୯୯୦୦୦
୪୭	୪୩୮	ବେସରକାରୀ	ପଡ଼ିଆ	୦.୫୦୬୬୦୦୦	୦.୫୦୬୬୦୦୦
୪୮	୧୬୬	ବେସରକାରୀ	ଶାରଦ	୦.୨୪୦୯୦୦୦	୦.୨୪୦୯୦୦୦
୪୯	୧୧୪/୩୨	ବେସରକାରୀ	ଜଳସେଚନ	୦.୬୩୫୫୦୦୦	୦.୬୩୫୫୦୦୦
୫୦	୩୭୯	ବେସରକାରୀ	ଜଳା	୦.୫୫୧୫୦୦୦	୦.୫୫୧୫୦୦୦
୫୧	୭୦୦/୩	ବେସରକାରୀ	ଘରବାଡ଼ି	୦.୭୭୨୫୦୦୦	୦.୭୭୨୫୦୦୦
୫୨	୨୪୨/୭	ବେସରକାରୀ	ଜଳସେଚନ	୦.୩୮୫୧୦୦୦	୦.୩୮୫୧୦୦୦
୫୩	୬୭୫/୫୦	ସରକାରୀ	ବଗିଚା	୦.୫୮୯୫୦୦୦	୦.୫୮୯୫୦୦୦
୫୪	୫୦୧	ବେସରକାରୀ	ପଡ଼ିଆ	୦.୭୨୬୧୦୦୦	୦.୭୨୬୧୦୦୦
୫୫	୨୩୪	ସରକାରୀ	ଶାରଦ	୦.୬୮୧୯୦୦୦	୦.୬୮୧୯୦୦୦
୫୬	୪୨୮/୪୨	ବେସରକାରୀ	ଗ୍ରାମ ରାସ୍ତା	୦.୨୯୭୩୦୦୦	୦.୨୯୭୩୦୦୦
ଗ୍ରାମ : ଗଙ୍ଗାଧରପୁର					
୧	୬୬୪	ସରକାରୀ	ଶାରଦ	୦.୨୨୬୫୦୦୦	୦.୨୨୬୫୦୦୦
୨	୭୨୩/୭୬	ବେସରକାରୀ	ଦଣ୍ଡା	୦.୬୧୮୩୦୦୦	୦.୬୧୮୩୦୦୦
୩	୨୮୬	ସରକାରୀ	ଗ୍ରାମ ରାସ୍ତା	୦.୭୨୩୭୦୦୦	୦.୭୨୩୭୦୦୦
୪	୨୧୩	ବେସରକାରୀ	ଦ୍ଵିତୀୟ	୦.୧୨୩୨୦୦୦	୦.୧୨୩୨୦୦୦
୫	୭୫	ବେସରକାରୀ	ବଗିଚା	୦.୫୮୬୪୦୦୦	୦.୫୮୬୪୦୦୦
୬	୨୪୩	ସରକାରୀ	ଜଳସେଚନ	୦.୦୪୯୪୦୦୦	୦.୦୪୯୪୦୦୦
୭	୫୫୩	ବେସରକାରୀ	ଗୋଚର	୦.୮୧୫୦୦୦୦	୦.୮୧୫୦୦୦୦
୮	୪୦୭/୩୫	ବେସରକାରୀ	ଶାରଦ	୦.୮୭୨୧୦୦୦	୦.୮୭୨୧୦୦୦
୯	୭୮୫	ବେସରକାରୀ	ଦ୍ଵିତୀୟ	୦.୬୯୪୩୦୦୦	୦.୬୯୪୩୦୦୦
୧୦	୭୮୭	ସରକାରୀ	ଜଳା	୦.୩୦୮୦୦୦୦	୦.୩୦୮୦୦୦୦
୧୧	୫୨୨/୬୧	ବେସରକାରୀ	ପଡ଼ିଆ	୦.୯୦୯୫୦୦୦	୦.୯୦୯୫୦୦୦
୧୨	୪୪	ସରକାରୀ	ଦଣ୍ଡା	୦.୬୬୮୮୦୦୦	୦.୬୬୮୮୦୦୦
୧୩	୧୭	ସରକାରୀ	ଜଳସେଚନ	୦.୪୭୫୧୦୦୦	୦.୪୭୫୧୦୦୦
୧୪	୪୭୮	ବେସରକାରୀ	ଦ୍ଵିତୀୟ	୦.୫୬୪୪୦୦୦	୦.୫୬୪୪୦୦୦
୧୫	୮୬୪	ବେସରକାରୀ	ଗ୍ରାମ ରାସ୍ତା	୦.୪୩୯୭୦୦୦	୦.୪୩୯୭୦୦୦
୧୬	୪୭୭	ବେସରକାରୀ	ଗୋଚର	୦.୪୭୦୩୦୦୦	୦.୪୭୦୩୦୦୦
୧୭	୮୮	ବେସରକାରୀ	ଦଣ୍ଡା	୦.୪୯୨୩୦୦୦	୦.୪୯୨୩୦୦୦
୧୮	୫୩୧	ବେସରକାରୀ	ଶାରଦ	୦.୮୦୮୫୦୦୦	୦.୮୦୮୫୦୦୦
୧୯	୧୧୧	ସରକାରୀ	ଘରବାଡ଼ି	୦.୧୮୮୪୦୦୦	୦.୧୮୮୪୦୦୦
୨୦	୬୯୫	ବେସରକାରୀ	ପଡ଼ିଆ	୦.୭୬୮୦୦୦୦	୦.୭୬୮୦୦୦୦
୨୧	୨୧	ବେସରକାରୀ	ଗ୍ରାମ ରାସ୍ତା	୦.୦୫୦୨୦୦୦	୦.୦୫୦୨୦୦୦
୨୨	୭୯୨	ବେସରକାରୀ	ଦ୍ଵିତୀୟ	୦.୬୦୪୪୦୦୦	୦.୬୦୪୪୦୦୦
୨୩	୫୭୬	ବେସରକାରୀ	ଦ୍ଵିତୀୟ	୦.୫୬୬୭୦୦୦	୦.୫୬୬୭୦୦୦
୨୪	୩୧୦/୩	ସରକାରୀ	ଦ୍ଵିତୀୟ	୦.୩୭୬୬୦୦୦	୦.୩୭୬୬୦୦୦
୨୫	୨୪୦/୭୦	ବେସରକାରୀ	ଦଣ୍ଡା	୦.୨୭୮୧୦୦୦	୦.୨୭୮୧୦୦୦
୨୬	୮୬୩/୩୫	ସରକାରୀ	ଜଳସେଚନ	୦.୫୭୧୪୦୦୦	୦.୫୭୧୪୦୦୦
୨୭	୬୭୭	ବେସରକାରୀ	ଗୋଚର	୦.୧୯୮୭୦୦୦	୦.୧୯୮୭୦୦୦
୨୮	୫୬୭/୨୫	ବେସରକାରୀ	ଦ୍ଵିତୀୟ	୦.୫୩୫୦୦୦୦	୦.୫୩୫୦୦୦୦
୨୯	୪୭୫/୨୨	ବେସରକାରୀ	ଜଳା	୦.୭୬୨୯୦୦୦	୦.୭୬୨୯୦୦୦
୩୦	୮୭୩	ବେସରକାରୀ	ଜଳସେଚନ	୦.୪୯୦୦୦୦୦	୦.୪୯୦୦୦୦୦
୩୧	୨୦୫	ବେସରକାରୀ	ବଗିଚା	୦.୫୫୦୨୦୦୦	୦.୫୫୦୨୦୦୦
୩୨	୪୧୨	ବେସରକାରୀ	ଶାରଦ	୦.୭୪୬୩୦୦୦	୦.୭୪୬୩୦୦୦
୩୩	୧୯୬	ବେସରକାରୀ	ବଗିଚା	୦.୮୪୭୭୦୦୦	୦.୮୪୭୭୦୦୦
୩୪	୬୨୮	ସରକାରୀ	ଦ୍ଵିତୀୟ	୦.୦୯୦୫୦୦୦	୦.୦୯୦୫୦୦୦
୩୫	୧୪୨	ବେସରକାରୀ	ଗ୍ରାମ ରାସ୍ତା	୦.୮୭୭୬୦୦୦	୦.୮୭୭୬୦୦୦
୩୬	୪୨	ବେସରକାରୀ	ଦଣ୍ଡା	୦.୪୭୮୩୦୦୦	୦.୪୭୮୩୦୦୦
୩୭	୬୯୮	ବେସରକାରୀ	ଗୋଚର	୦.୪୨୮୮୦୦୦	୦.୪୨୮୮୦୦୦
୩୮	୧୪୫/୩୩	ବେସରକାରୀ	ଘରବାଡ଼ି	୦.୫୫୯୫୦୦୦	୦.୫୫୯୫୦୦୦
୩୯	୨୪୬	ବେସରକାରୀ	ଘରବାଡ଼ି	୦.୧୬୩୯୦୦୦	୦.୧୬୩୯୦୦୦
୪୦	୬୩୯	ବେସରକାରୀ	ଘରବାଡ଼ି	୦.୪୭୩୭୦୦୦	୦.୪୭୩୭୦୦୦
୪୧	୬୭୯	ବେସରକାରୀ	ପଡ଼ିଆ	୦.୧୨୪୮୦୦୦	୦.୧୨୪୮୦୦୦
୪୨	୯୦୧	ବେସରକାରୀ	ଜଳା	୦.୦୨୦୨୦୦୦	୦.୦୨୦୨୦୦୦
୪୩	୨୧୦	ବେସରକାରୀ	ବଗିଚା	୦.୪୨୯୩୦୦୦	୦.୪୨୯୩୦୦୦
୪୪	୧୭୪	ବେସରକାରୀ	ଦ୍ଵିତୀୟ	୦.୪୮୮୧୦୦୦	୦.୪୮୮୧୦୦୦
୪୫	୨୯	ବେସରକାରୀ	ଶାରଦ	୦.୦୯୯୫୦୦୦	୦.୦୯୯୫୦୦୦
୪୬	୩୭୯	ସରକାରୀ	ଦ୍ଵିତୀୟ	୦.୬୩୨୮୦୦୦	୦.୬୩୨୮୦୦୦
୪୭	୨୯୨/୮୨	ବେସରକାରୀ	ଶାରଦ	୦.୬୯୯୬୦୦୦	୦.୬୯୯୬୦୦୦
୪୮	୪୨୯	ବେସରକାରୀ	ବଗିଚା	୦.୭୫୯୨୦୦୦	୦.୭୫୯୨୦୦୦
୪୯	୪୬୧	ବେସରକାରୀ	ଗୋଚର	୦.୬୬୨୯୦୦୦	୦.୬୬୨୯୦୦୦
୫୦	୭୭	ବେସରକାରୀ	ବଗିଚା	୦.୦୮୦୩୦୦୦	୦.୦୮୦୩୦୦୦
୫୧	୨୫୦	ସରକାରୀ	ଦଣ୍ଡା	୦.୨୪୭୪୦୦୦	୦.୨୪୭୪୦୦୦
୫୨	୫୧୩	ବେସରକାରୀ	ଜଳସେଚନ	୦.୪୬୭୧୦୦୦	୦.୪୬୭୧୦୦୦
୫୩	୮୭୧/୬୦	ବେସରକାରୀ	ପଡ଼ିଆ	୦.୭୯୯୨୦୦୦	୦.୭୯୯୨୦୦୦
୫୪	୬୨୪	ବେସରକାରୀ	ଜଳା	୦.୬୨୫୬୦୦୦	୦.୬୨୫୬୦୦୦
୫୫	୭୮୦	ବେସରକାରୀ	ଘରବାଡ଼ି	୦.୧୯୩୫୦୦୦	୦.୧୯୩୫୦୦୦
୫୬	୬୨୦	ବେସରକାରୀ	ଜଳା	୦.୧୦୫୫୦୦୦	୦.୧୦୫୫୦୦୦
୫୭	୫୪୫	ବେସରକାରୀ	ଜଳସେଚନ	୦.୩୩୧୨୦୦୦	୦.୩୩୧୨୦୦୦
୫୮	୨୬	ବେସରକାରୀ	ଜଳା	୦.୬୦୬୭୦୦୦	୦.୬୦୬୭୦୦୦
୫୯	୬୯୮/୫୩	ସରକାରୀ	ଦଣ୍ଡା	୦.୫୮୭୪୦୦୦	୦.୫୮୭୪୦୦୦
୬୦	୬୪୯	ବେସରକାରୀ	ଦ୍ଵିତୀୟ	୦.୨୧୬୮୦୦୦	୦.୨୧୬୮୦୦୦
୬୧	୧୬୭	ବେସରକାରୀ	ଗୋଚର	୦.୨୫୧୬୦୦୦	୦.୨୫୧୬୦୦୦
୬୨	୮୩୧	ସରକାରୀ	ଶାରଦ	୦.୨୨୭୮୦୦୦	୦.୨୨୭୮୦୦୦
ଗ୍ରାମ : କାଶିପୁର					
୧	୪୭୯	ବେସରକାରୀ	ଘରବାଡ଼ି	୦.୧୪୮୨୦୦୦	୦.୧୪୮୨୦୦୦
୨	୭୧୩	ବେସରକାରୀ	ଦଣ୍ଡା	୦.୨୮୨୨୦୦୦	୦.୨୮୨୨୦୦୦
୩	୪୦୨	ବେସରକାରୀ	ଗ୍ରାମ ରାସ୍ତା	୦.୬୬୬୦୦୦୦	୦.୬୬୬୦୦୦୦
୪	୫୮୨	ବେସରକାରୀ	ଜଳସେଚନ	୦.୩୦୨୪୦୦୦	୦.୩୦୨୪୦୦୦
୫	୫୭	ସରକାରୀ	ଗ୍ରାମ ରାସ୍ତା	୦.୫୬୦୭୦୦୦	୦.୫୬୦୭୦୦୦
୬	୫୯୫	ବେସରକାରୀ	ପଡ଼ିଆ	୦.୧୭୭୨୦୦୦	୦.୧୭୭୨୦୦୦
୭	୧୩୩	ବେସରକାରୀ	ଶାରଦ	୦.୭୫୪୫୦୦୦	୦.୭୫୪୫୦୦୦
ଗ୍ରାମ : ସିଙ୍ଗିଡ଼ା					
୧	୭୩	ବେସରକାରୀ	ଦ୍ଵିତୀୟ	୦.୨୬୨୨୦୦୦	୦.୨୬୨୨୦୦୦
୨	୫୮୬	ବେସରକାରୀ	ପଡ଼ିଆ	୦.୬୩୬୩୦୦୦	୦.୬୩୬୩୦୦୦
୩	୧୦୬	ବେସରକାରୀ	ଦ୍ଵିତୀୟ	୦.୬୭୯୬୦୦୦	୦.୬୭୯୬୦୦୦
୪	୮୩୮	ବେସରକାରୀ	ଗ୍ରାମ ରାସ୍ତା	୦.୩୬୧୫୦୦୦	୦.୩୬୧୫୦୦୦
୫	୪୫୦	ବେସରକାରୀ	ଜଳସେଚନ	୦.୩୧୮୩୦୦୦	୦.୩୧୮୩୦୦୦
୬	୫୭୮	ବେସରକାରୀ	ଶାରଦ	୦.୧୫୨୬୦୦୦	୦.୧୫୨୬୦୦୦
୭	୬୨୫	ବେସରକାରୀ	ବଗିଚା	୦.୦୩୩୮୦୦୦	୦.୦୩୩୮୦୦୦
୮	୨୬୨	ବେସରକାରୀ	ଗୋଚର	୦.୧୯୮୨୦୦୦	୦.୧୯୮୨୦୦୦
୯	୭୨୨	ବେସରକାରୀ	ଦଣ୍ଡା	୦.୧୪୮୪୦୦୦	୦.୧୪୮୪୦୦୦
୧୦	୪୧୧	ବେସରକାରୀ	ଦ୍ଵିତୀୟ	୦.୨୫୪୦୦୦୦	୦.୨୫୪୦୦୦୦
୧୧	୯୬/୩୫	ବେସରକାରୀ	ଗ୍ରାମ ରାସ୍ତା	୦.୦୮୭୫୦୦୦	୦.୦୮୭୫୦୦୦
୧୨	୬୦୧	ସରକାରୀ	ଗୋଚର	୦.୧୫୨୬୦୦୦	୦.୧୫୨୬୦୦୦
୧୩	୨୩୭	ବେସରକାରୀ	ଜଳା	୦.୫୯୫୨୦୦୦	୦.୫୯୫୨୦୦୦
୧୪	୨୯୩/୮	ବେସରକାରୀ	ଦ୍ଵିତୀୟ	୦.୬୩୯୮୦୦୦	୦.୬୩୯୮୦୦୦
୧୫	୨୦୯	ବେସରକାରୀ	ଶାରଦ	୦.୫୬୪୧୦୦୦	୦.୫୬୪୧୦୦୦
୧୬	୮୩୮	ସରକାରୀ	ପଡ଼ିଆ	୦.୮୫୪୯୦୦୦	୦.୮୫୪୯୦୦୦
୧୭	୮୭୫	ବେସରକାରୀ	ଜଳସେଚନ	୦.୦୧୪୯୦୦୦	୦.୦୧୪୯୦୦୦
Contd...
